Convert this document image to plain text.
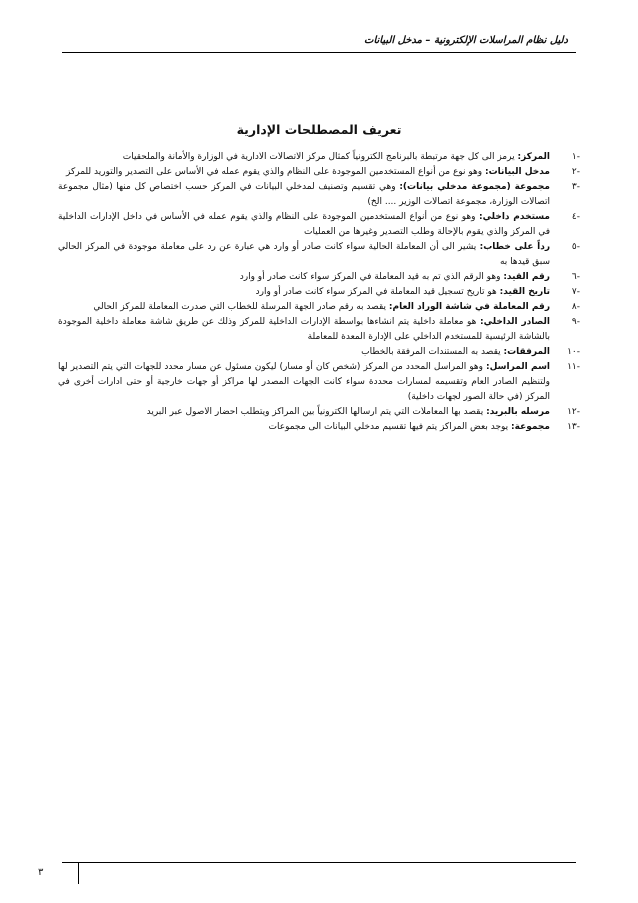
دليل نظام المراسلات الإلكترونية – مدخل البيانات
تعريف المصطلحات الإدارية
-١
المركز: يرمز الى كل جهة مرتبطة بالبرنامج الكترونياً كمثال مركز الاتصالات الادارية في الوزارة والأمانة والملحقيات
-٢
مدخل البيانات: وهو نوع من أنواع المستخدمين الموجودة على النظام والذي يقوم عمله في الأساس على التصدير والتوريد للمركز
-٣
مجموعة (مجموعة مدخلي بيانات): وهي تقسيم وتصنيف لمدخلي البيانات في المركز حسب اختصاص كل منها (مثال مجموعة اتصالات الوزارة، مجموعة اتصالات الوزير .... الخ)
-٤
مستخدم داخلي: وهو نوع من أنواع المستخدمين الموجودة على النظام والذي يقوم عمله في الأساس في داخل الإدارات الداخلية في المركز والذي يقوم بالإحالة وطلب التصدير وغيرها من العمليات
-٥
رداً على خطاب: يشير الى أن المعاملة الحالية سواء كانت صادر أو وارد هي عبارة عن رد على معاملة موجودة في المركز الحالي سبق قيدها به
-٦
رقم القيد: وهو الرقم الذي تم به قيد المعاملة في المركز سواء كانت صادر أو وارد
-٧
تاريخ القيد: هو تاريخ تسجيل قيد المعاملة في المركز سواء كانت صادر أو وارد
-٨
رقم المعاملة في شاشة الوراد العام: يقصد به رقم صادر الجهة المرسلة للخطاب التي صدرت المعاملة للمركز الحالي
-٩
الصادر الداخلي: هو معاملة داخلية يتم انشاءها بواسطة الإدارات الداخلية للمركز وذلك عن طريق شاشة معاملة داخلية الموجودة بالشاشة الرئيسية للمستخدم الداخلي على الإدارة المعدة للمعاملة
-١٠
المرفقات: يقصد به المستندات المرفقة بالخطاب
-١١
اسم المراسل: وهو المراسل المحدد من المركز (شخص كان أو مسار) ليكون مسئول عن مسار محدد للجهات التي يتم التصدير لها ولتنظيم الصادر العام وتقسيمه لمسارات محددة سواء كانت الجهات المصدر لها مراكز أو جهات خارجية أو حتى ادارات أخرى في المركز (في حالة الصور لجهات داخلية)
-١٢
مرسله بالبريد: يقصد بها المعاملات التي يتم ارسالها الكترونياً بين المراكز ويتطلب احضار الاصول عبر البريد
-١٣
مجموعة: يوجد بعض المراكز يتم فيها تقسيم مدخلي البيانات الى مجموعات
٣
